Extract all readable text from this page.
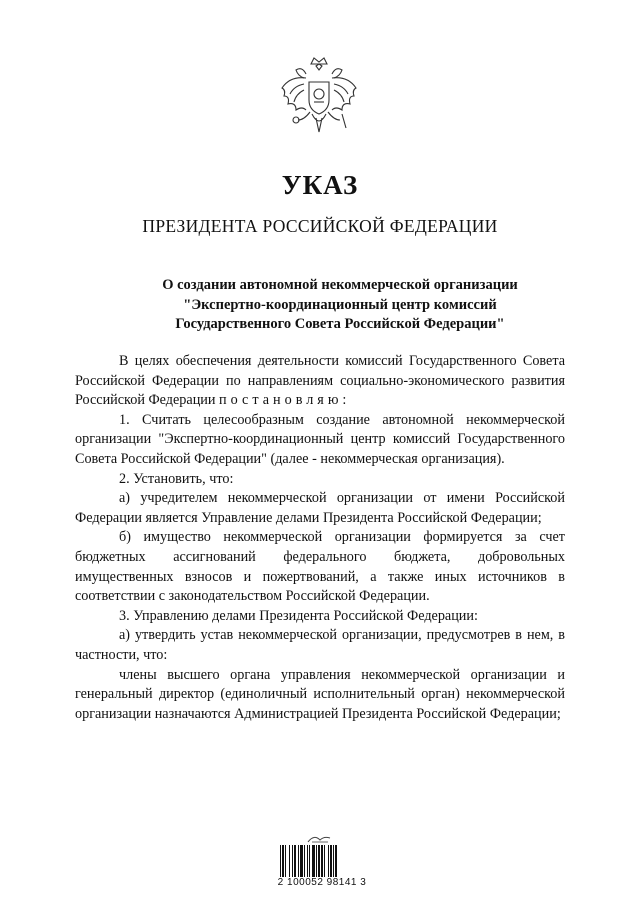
УКАЗ
ПРЕЗИДЕНТА РОССИЙСКОЙ ФЕДЕРАЦИИ
О создании автономной некоммерческой организации
"Экспертно-координационный центр комиссий
Государственного Совета Российской Федерации"

В целях обеспечения деятельности комиссий Государственного Совета Российской Федерации по направлениям социально-экономического развития Российской Федерации постановляю:

1. Считать целесообразным создание автономной некоммерческой организации "Экспертно-координационный центр комиссий Государственного Совета Российской Федерации" (далее - некоммерческая организация).

2. Установить, что:

а) учредителем некоммерческой организации от имени Российской Федерации является Управление делами Президента Российской Федерации;

б) имущество некоммерческой организации формируется за счет бюджетных ассигнований федерального бюджета, добровольных имущественных взносов и пожертвований, а также иных источников в соответствии с законодательством Российской Федерации.

3. Управлению делами Президента Российской Федерации:

а) утвердить устав некоммерческой организации, предусмотрев в нем, в частности, что:

члены высшего органа управления некоммерческой организации и генеральный директор (единоличный исполнительный орган) некоммерческой организации назначаются Администрацией Президента Российской Федерации;

2 100052 98141 3
